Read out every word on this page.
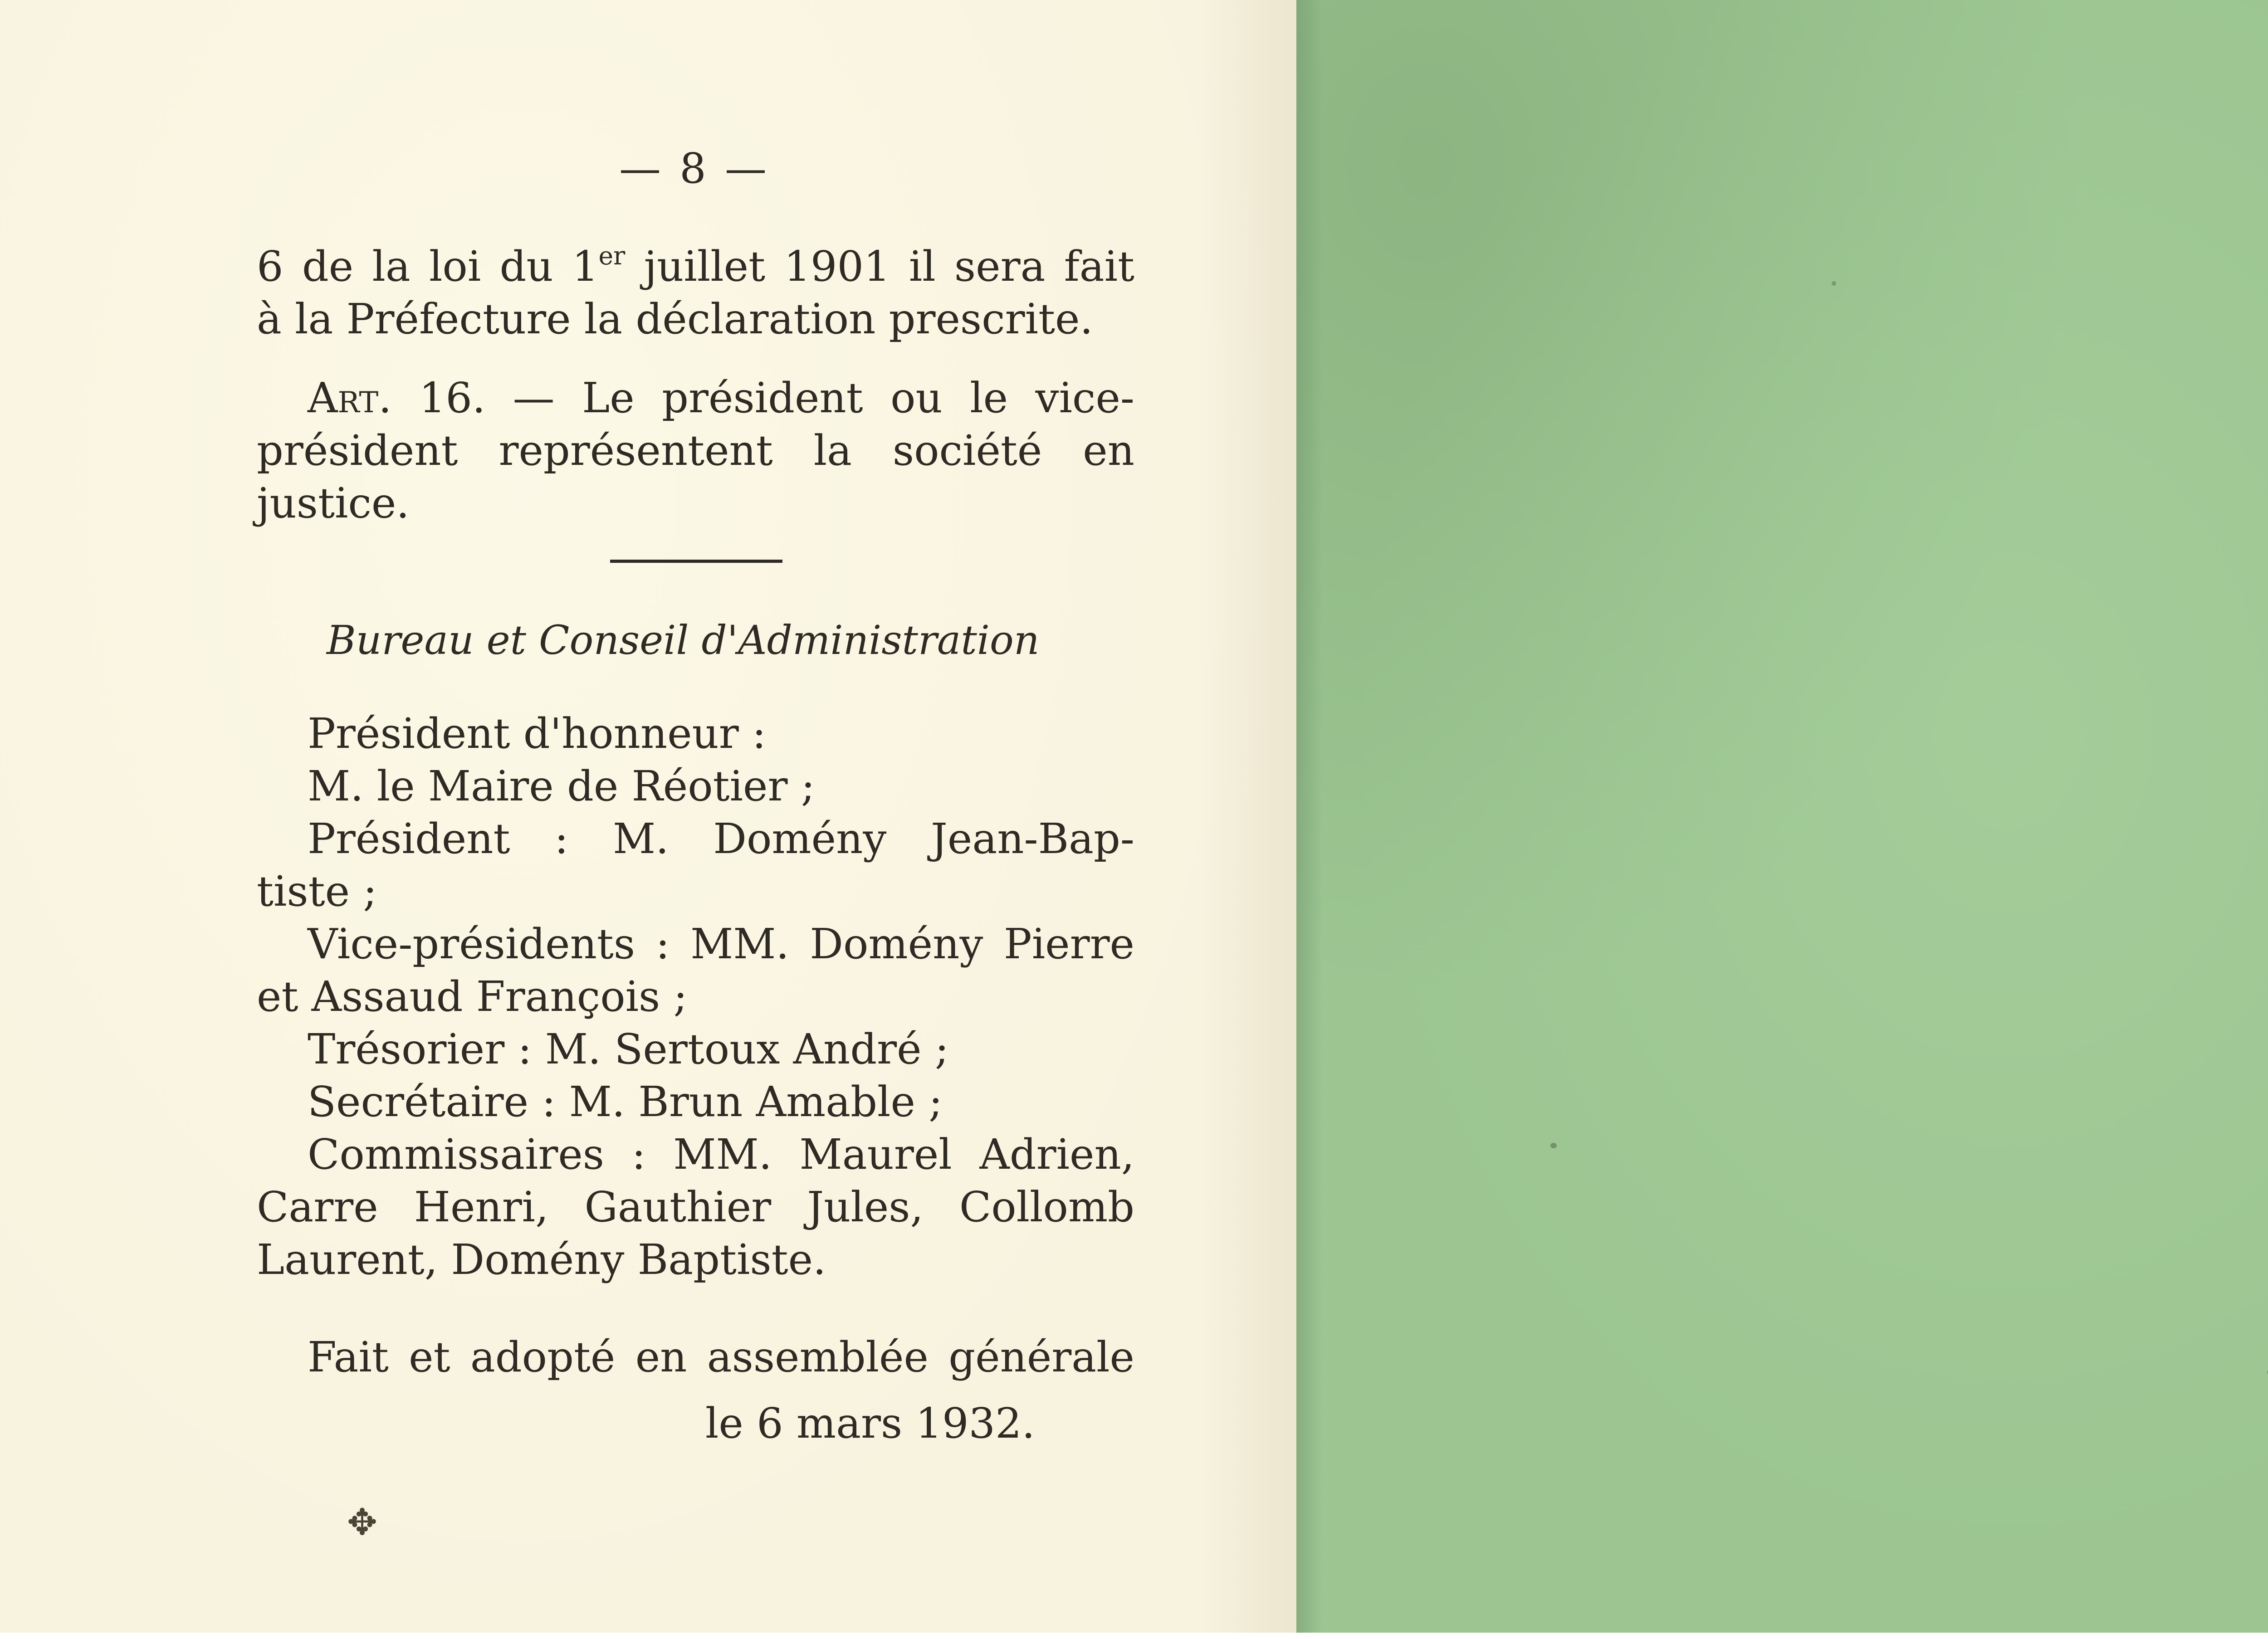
— 8 —
6 de la loi du 1er juillet 1901 il sera fait
à la Préfecture la déclaration prescrite.
Art. 16. — Le président ou le vice-
président représentent la société en
justice.
Bureau et Conseil d'Administration
Président d'honneur :
M. le Maire de Réotier ;
Président : M. Domény Jean-Bap-
tiste ;
Vice-présidents : MM. Domény Pierre
et Assaud François ;
Trésorier : M. Sertoux André ;
Secrétaire : M. Brun Amable ;
Commissaires : MM. Maurel Adrien,
Carre Henri, Gauthier Jules, Collomb
Laurent, Domény Baptiste.
Fait et adopté en assemblée générale
le 6 mars 1932.
✥
